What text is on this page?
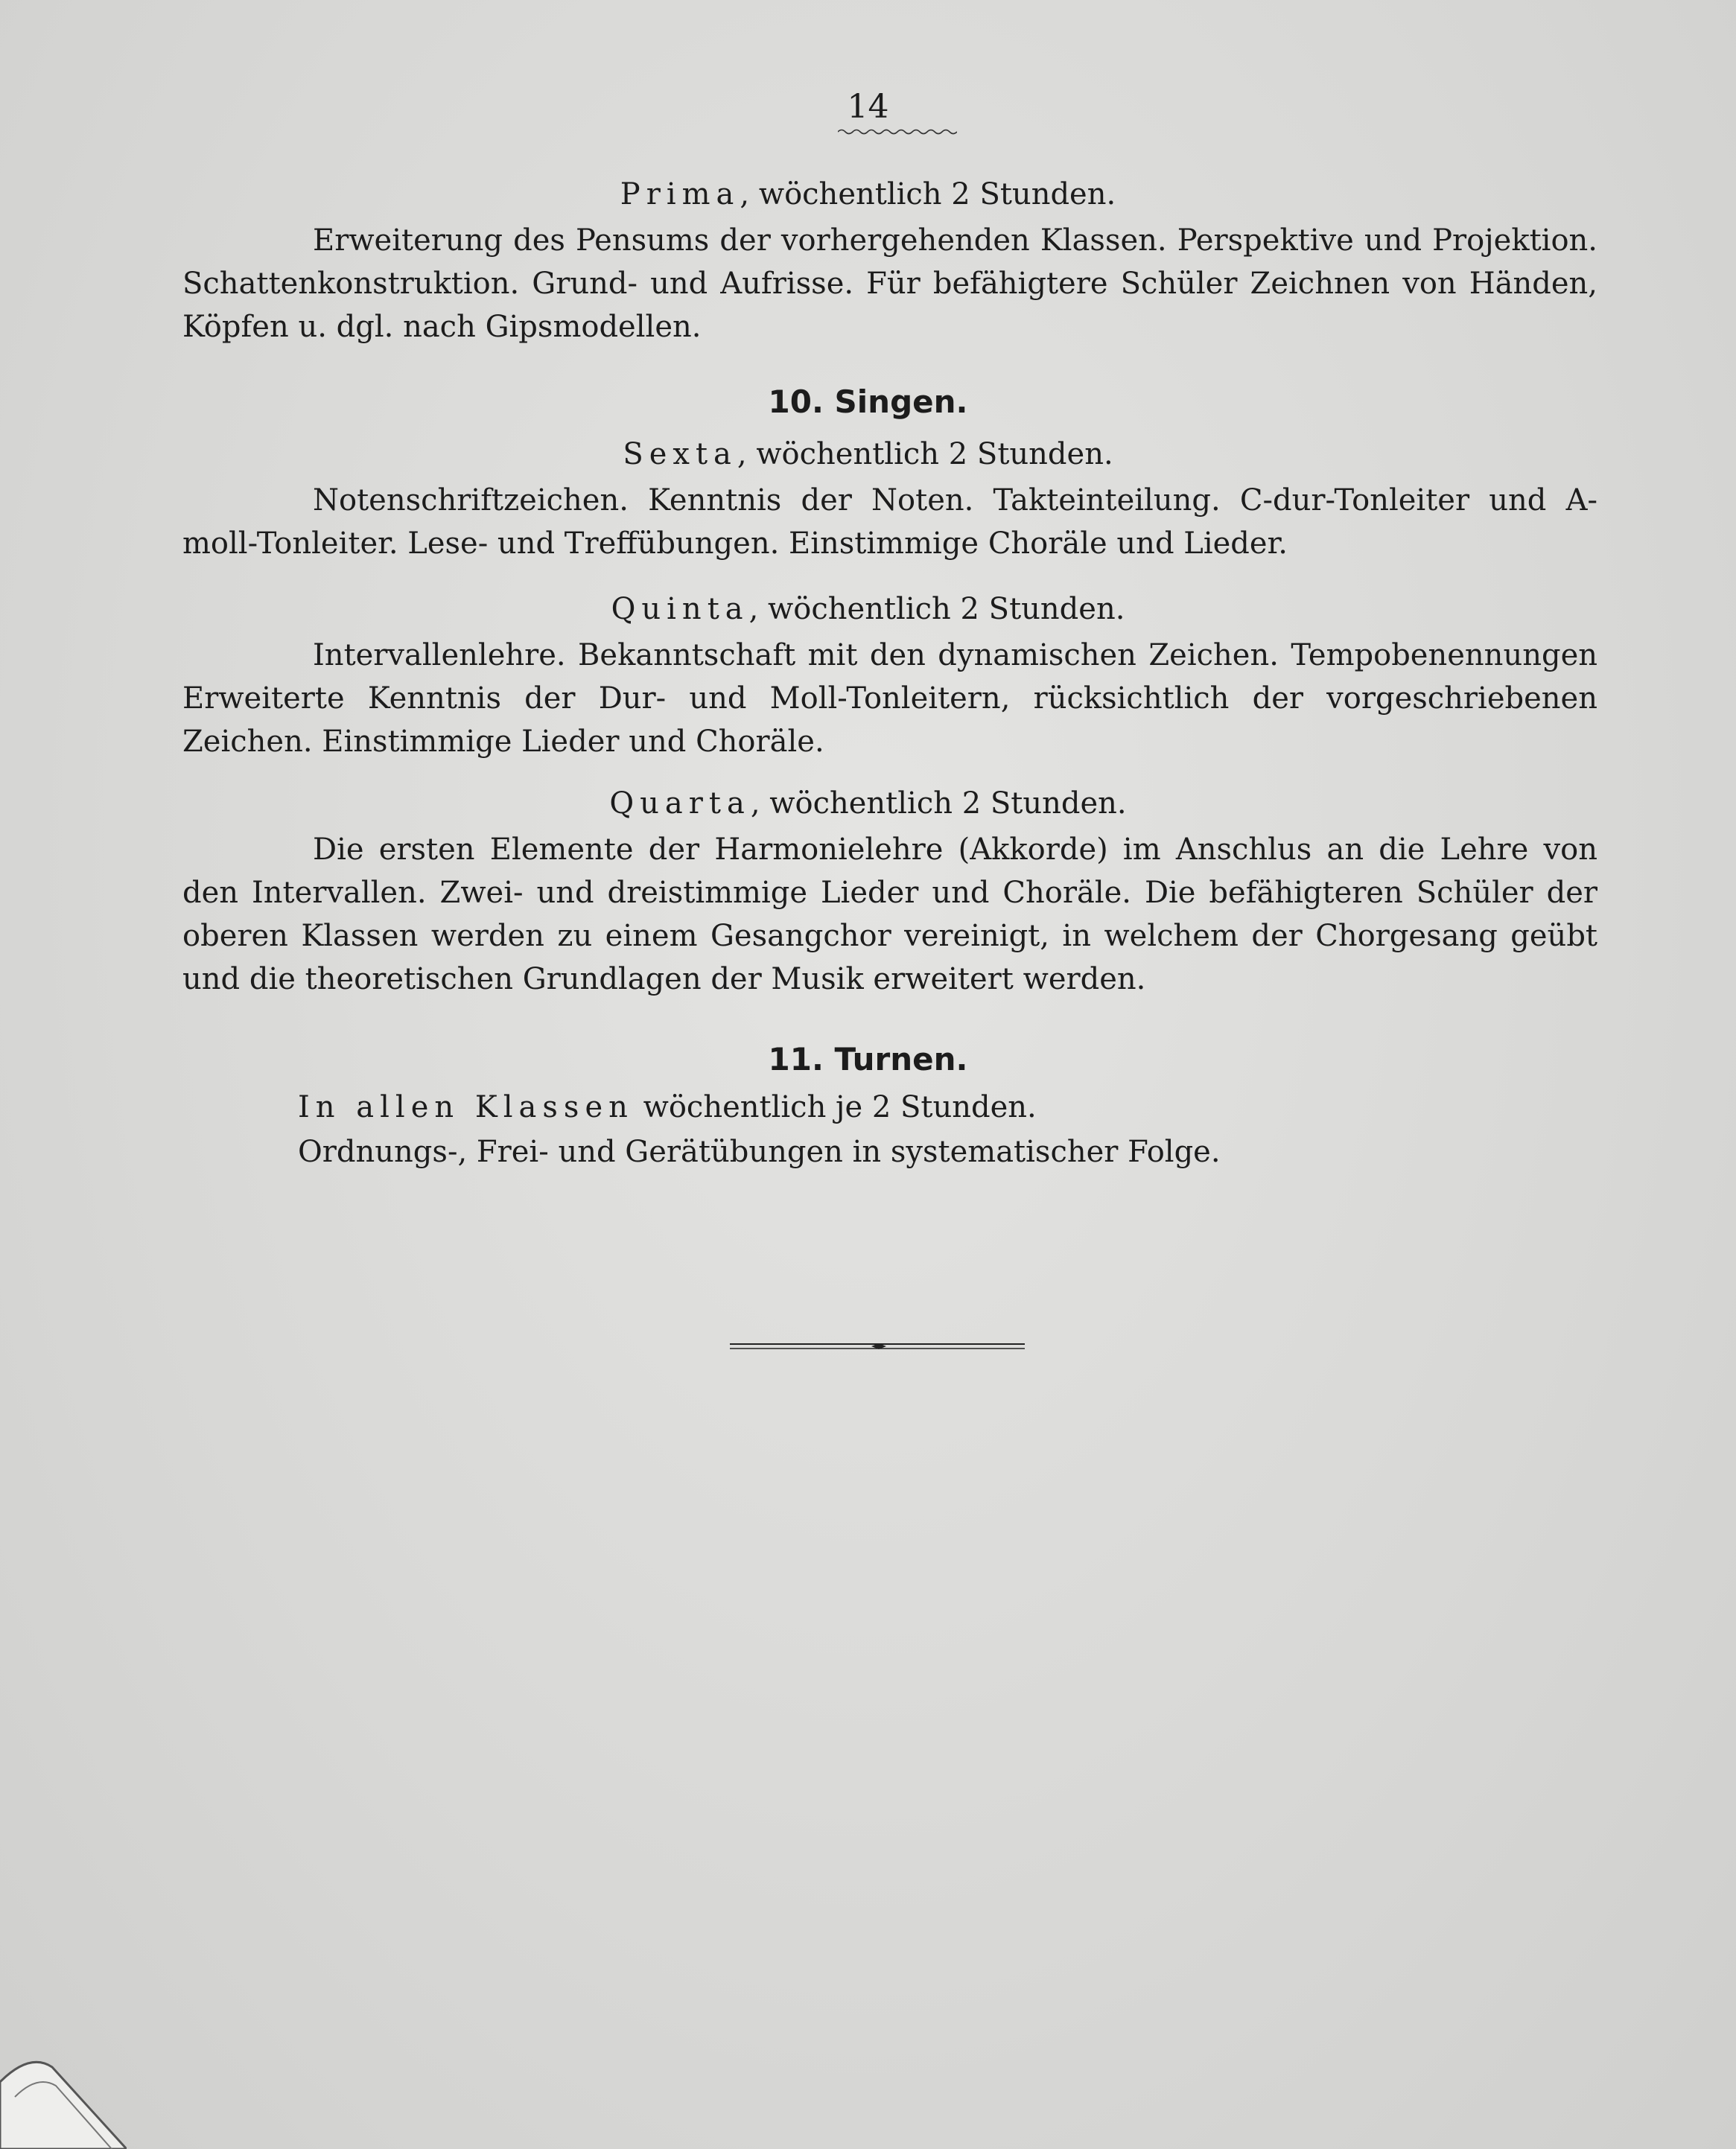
14
Prima, wöchentlich 2 Stunden.
Erweiterung des Pensums der vorhergehenden Klassen. Perspektive und Projektion. Schattenkonstruktion. Grund- und Aufrisse. Für befähigtere Schüler Zeichnen von Händen, Köpfen u. dgl. nach Gipsmodellen.
10. Singen.
Sexta, wöchentlich 2 Stunden.
Notenschriftzeichen. Kenntnis der Noten. Takteinteilung. C-dur-Tonleiter und A-moll-Tonleiter. Lese- und Treffübungen. Einstimmige Choräle und Lieder.
Quinta, wöchentlich 2 Stunden.
Intervallenlehre. Bekanntschaft mit den dynamischen Zeichen. Tempobenennungen Erweiterte Kenntnis der Dur- und Moll-Tonleitern, rücksichtlich der vorgeschriebenen Zeichen. Einstimmige Lieder und Choräle.
Quarta, wöchentlich 2 Stunden.
Die ersten Elemente der Harmonielehre (Akkorde) im Anschlus an die Lehre von den Intervallen. Zwei- und dreistimmige Lieder und Choräle. Die befähigteren Schüler der oberen Klassen werden zu einem Gesangchor vereinigt, in welchem der Chorgesang geübt und die theoretischen Grundlagen der Musik erweitert werden.
11. Turnen.
In allen Klassen wöchentlich je 2 Stunden.
Ordnungs-, Frei- und Gerätübungen in systematischer Folge.
